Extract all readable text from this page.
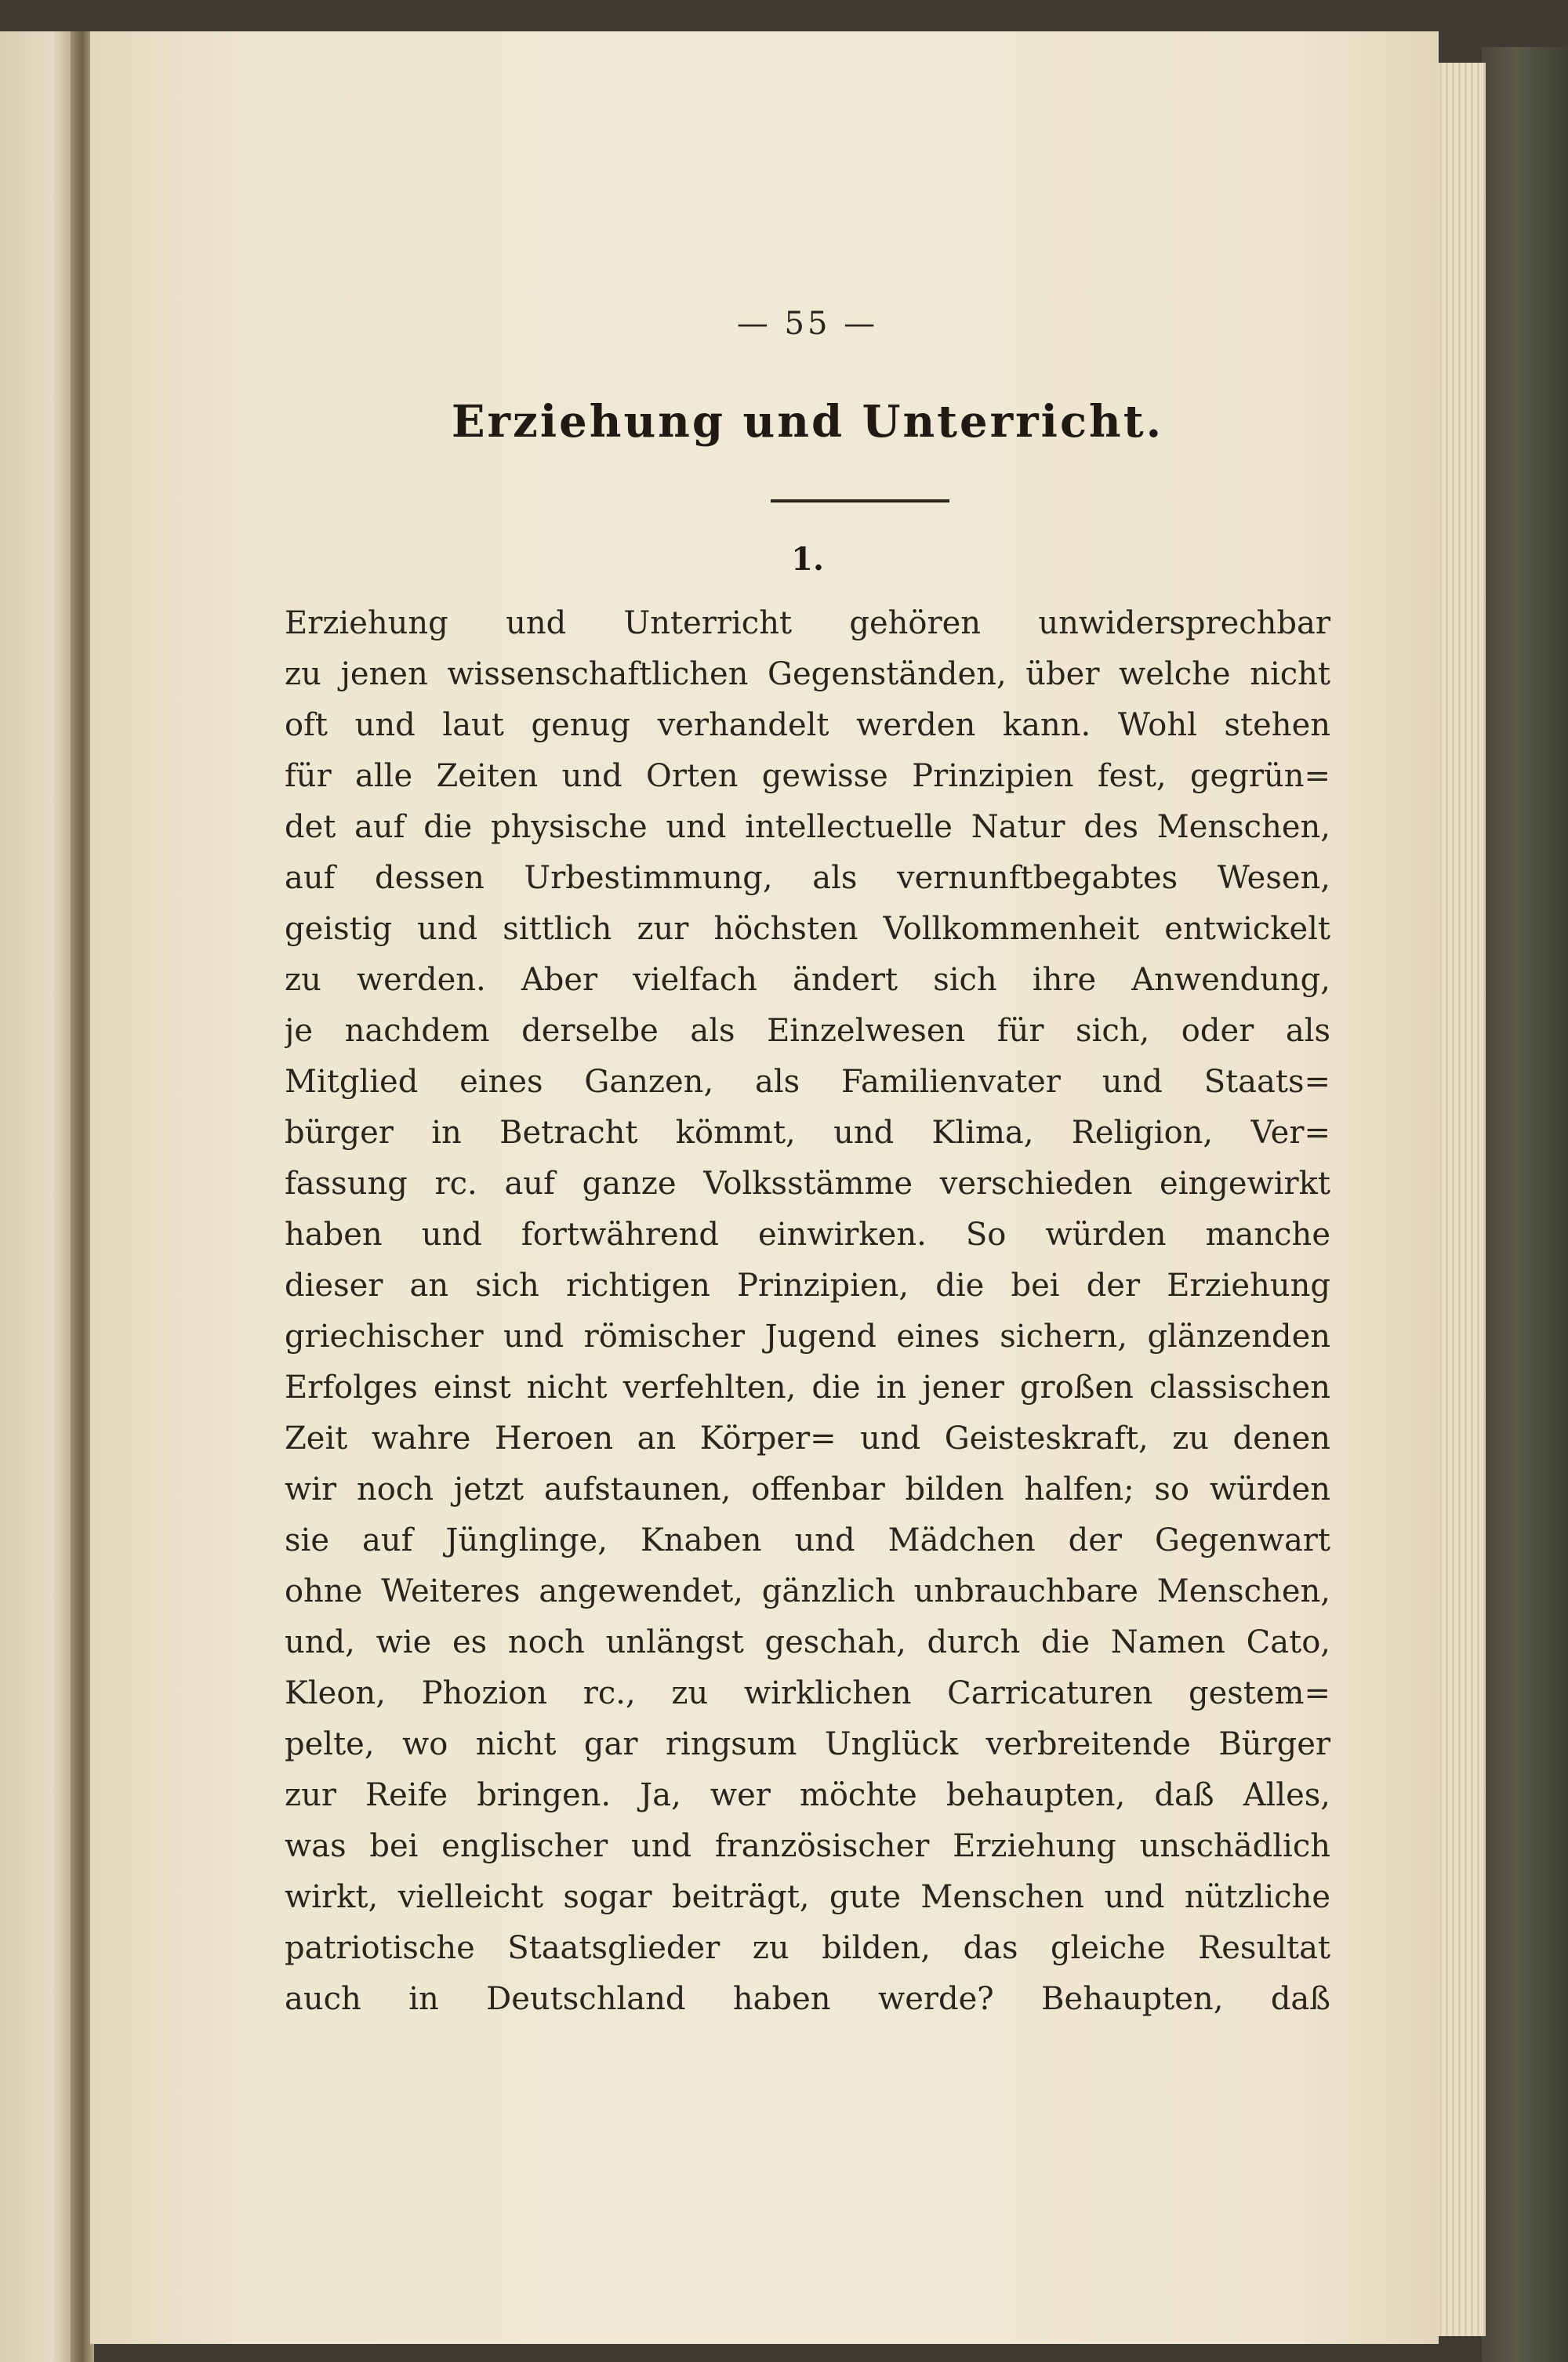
— 55 —
Erziehung und Unterricht.
1.
Erziehung und Unterricht gehören unwidersprechbar
zu jenen wissenschaftlichen Gegenständen, über welche nicht
oft und laut genug verhandelt werden kann. Wohl stehen
für alle Zeiten und Orten gewisse Prinzipien fest, gegrün=
det auf die physische und intellectuelle Natur des Menschen,
auf dessen Urbestimmung, als vernunftbegabtes Wesen,
geistig und sittlich zur höchsten Vollkommenheit entwickelt
zu werden. Aber vielfach ändert sich ihre Anwendung,
je nachdem derselbe als Einzelwesen für sich, oder als
Mitglied eines Ganzen, als Familienvater und Staats=
bürger in Betracht kömmt, und Klima, Religion, Ver=
fassung rc. auf ganze Volksstämme verschieden eingewirkt
haben und fortwährend einwirken. So würden manche
dieser an sich richtigen Prinzipien, die bei der Erziehung
griechischer und römischer Jugend eines sichern, glänzenden
Erfolges einst nicht verfehlten, die in jener großen classischen
Zeit wahre Heroen an Körper= und Geisteskraft, zu denen
wir noch jetzt aufstaunen, offenbar bilden halfen; so würden
sie auf Jünglinge, Knaben und Mädchen der Gegenwart
ohne Weiteres angewendet, gänzlich unbrauchbare Menschen,
und, wie es noch unlängst geschah, durch die Namen Cato,
Kleon, Phozion rc., zu wirklichen Carricaturen gestem=
pelte, wo nicht gar ringsum Unglück verbreitende Bürger
zur Reife bringen. Ja, wer möchte behaupten, daß Alles,
was bei englischer und französischer Erziehung unschädlich
wirkt, vielleicht sogar beiträgt, gute Menschen und nützliche
patriotische Staatsglieder zu bilden, das gleiche Resultat
auch in Deutschland haben werde? Behaupten, daß
